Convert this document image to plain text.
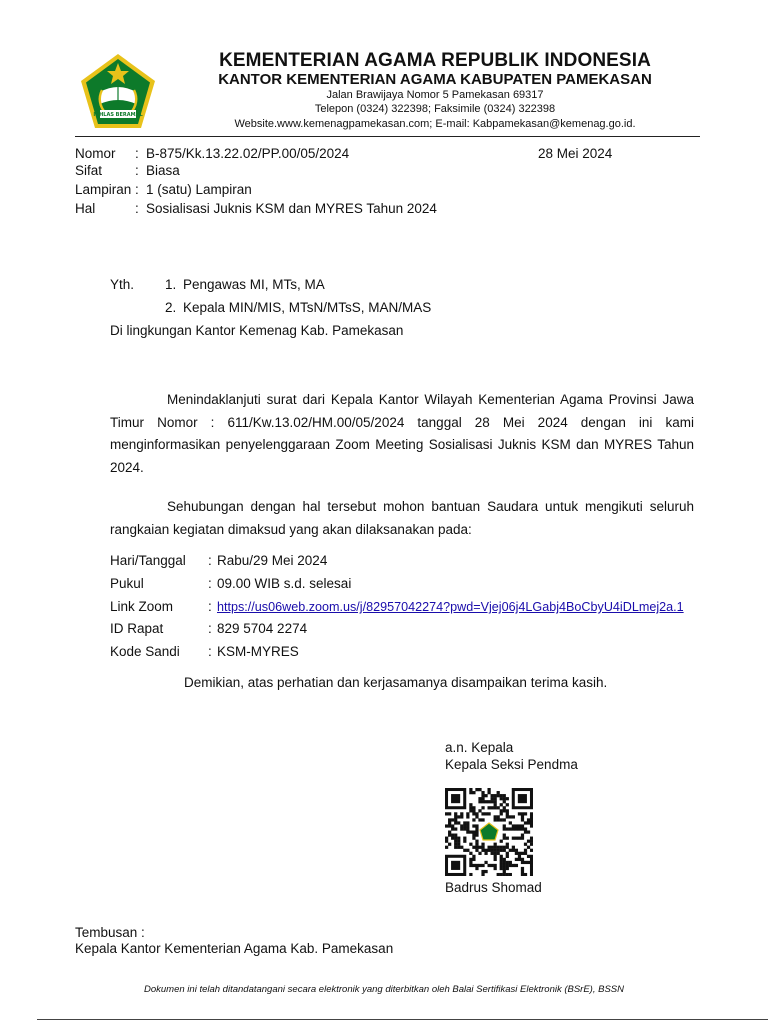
IKHLAS BERAMAL
KEMENTERIAN AGAMA REPUBLIK INDONESIA
KANTOR KEMENTERIAN AGAMA KABUPATEN PAMEKASAN
Jalan Brawijaya Nomor 5 Pamekasan 69317
Telepon (0324) 322398; Faksimile (0324) 322398
Website.www.kemenagpamekasan.com; E-mail: Kabpamekasan@kemenag.go.id.
Nomor : B-875/Kk.13.22.02/PP.00/05/2024	28 Mei 2024
Sifat : Biasa
Lampiran : 1 (satu) Lampiran
Hal	: Sosialisasi Juknis KSM dan MYRES Tahun 2024
Yth. 1. Pengawas MI, MTs, MA
2. Kepala MIN/MIS, MTsN/MTsS, MAN/MAS
Di lingkungan Kantor Kemenag Kab. Pamekasan
Menindaklanjuti surat dari Kepala Kantor Wilayah Kementerian Agama Provinsi Jawa Timur Nomor : 611/Kw.13.02/HM.00/05/2024 tanggal 28 Mei 2024 dengan ini kami menginformasikan penyelenggaraan Zoom Meeting Sosialisasi Juknis KSM dan MYRES Tahun 2024.
Sehubungan dengan hal tersebut mohon bantuan Saudara untuk mengikuti seluruh rangkaian kegiatan dimaksud yang akan dilaksanakan pada:
Hari/Tanggal : Rabu/29 Mei 2024
Pukul	: 09.00 WIB s.d. selesai
Link Zoom	: https://us06web.zoom.us/j/82957042274?pwd=Vjej06j4LGabj4BoCbyU4iDLmej2a.1
ID Rapat	: 829 5704 2274
Kode Sandi : KSM-MYRES
Demikian, atas perhatian dan kerjasamanya disampaikan terima kasih.
a.n. Kepala
Kepala Seksi Pendma
Badrus Shomad
Tembusan :
Kepala Kantor Kementerian Agama Kab. Pamekasan
Dokumen ini telah ditandatangani secara elektronik yang diterbitkan oleh Balai Sertifikasi Elektronik (BSrE), BSSN
